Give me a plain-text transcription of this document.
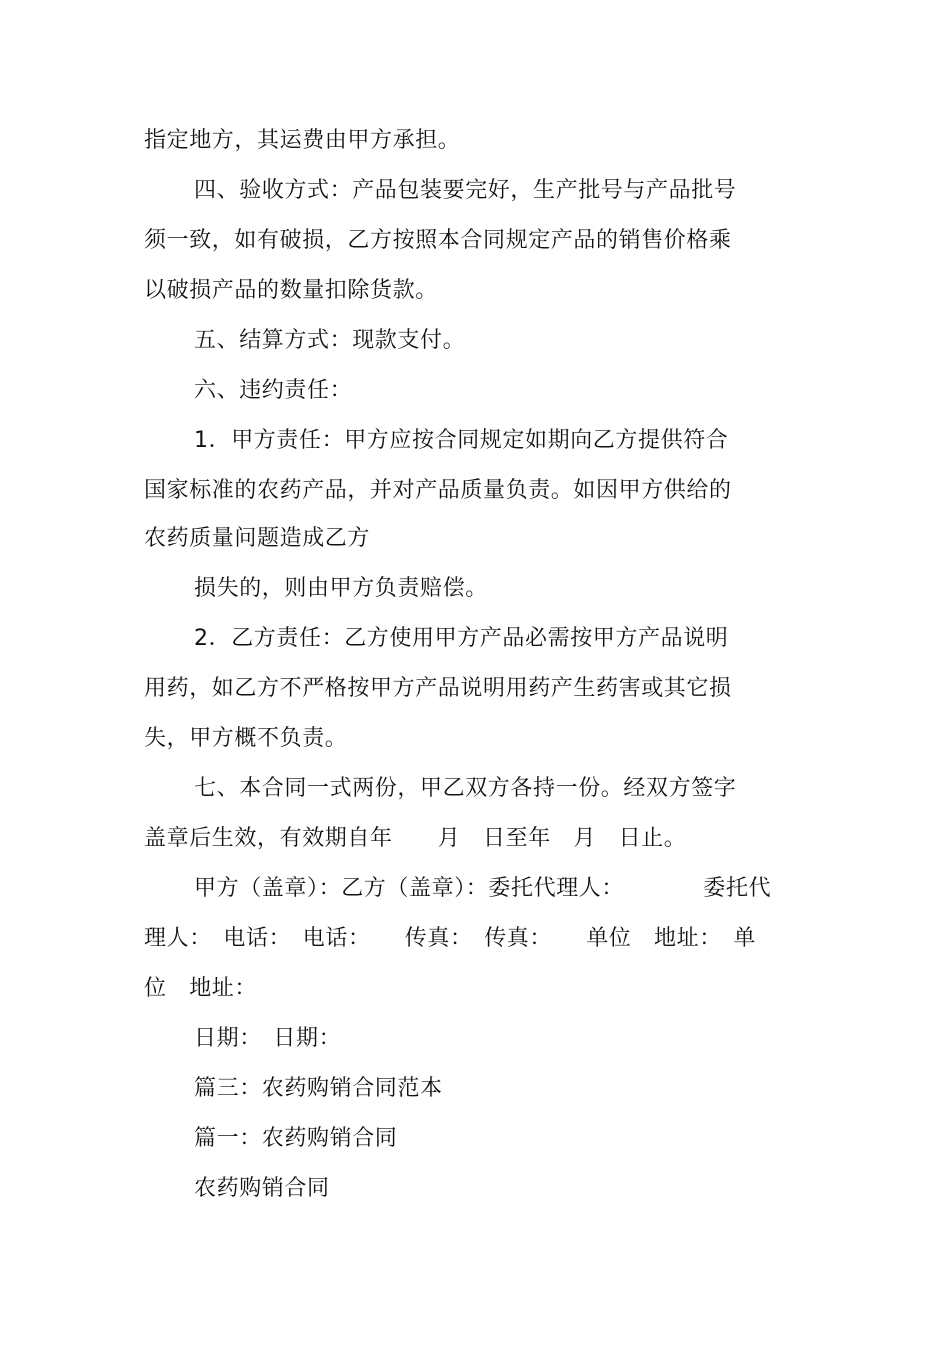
指定地方，其运费由甲方承担。
四、验收方式：产品包装要完好，生产批号与产品批号
须一致，如有破损，乙方按照本合同规定产品的销售价格乘
以破损产品的数量扣除货款。
五、结算方式：现款支付。
六、违约责任：
1．甲方责任：甲方应按合同规定如期向乙方提供符合
国家标准的农药产品，并对产品质量负责。如因甲方供给的
农药质量问题造成乙方
损失的，则由甲方负责赔偿。
2．乙方责任：乙方使用甲方产品必需按甲方产品说明
用药，如乙方不严格按甲方产品说明用药产生药害或其它损
失，甲方概不负责。
七、本合同一式两份，甲乙双方各持一份。经双方签字
盖章后生效，有效期自年　　月　日至年　月　日止。
甲方（盖章）：乙方（盖章）：委托代理人：　　　　委托代
理人：　电话：　电话：　　传真：　传真：　　单位　地址：　单
位　地址：
日期：　日期：
篇三：农药购销合同范本
篇一：农药购销合同
农药购销合同
